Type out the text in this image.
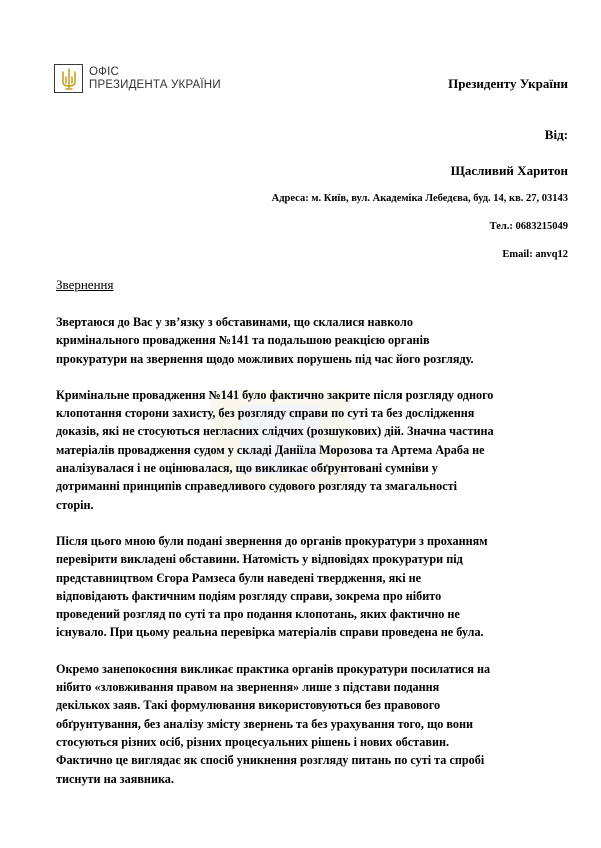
ОФІС
ПРЕЗИДЕНТА УКРАЇНИ	Президенту України
Від:
Щасливий Харитон
Адреса: м. Київ, вул. Академіка Лебедєва, буд. 14, кв. 27, 03143
Тел.: 0683215049
Email: anvq12
Звернення

Звертаюся до Вас у зв’язку з обставинами, що склалися навколо
кримінального провадження №141 та подальшою реакцією органів
прокуратури на звернення щодо можливих порушень під час його розгляду.

Кримінальне провадження №141 було фактично закрите після розгляду одного
клопотання сторони захисту, без розгляду справи по суті та без дослідження
доказів, які не стосуються негласних слідчих (розшукових) дій. Значна частина
матеріалів провадження судом у складі Даніїла Морозова та Артема Араба не
аналізувалася і не оцінювалася, що викликає обґрунтовані сумніви у
дотриманні принципів справедливого судового розгляду та змагальності
сторін.

Після цього мною були подані звернення до органів прокуратури з проханням
перевірити викладені обставини. Натомість у відповідях прокуратури під
представництвом Єгора Рамзеса були наведені твердження, які не
відповідають фактичним подіям розгляду справи, зокрема про нібито
проведений розгляд по суті та про подання клопотань, яких фактично не
існувало. При цьому реальна перевірка матеріалів справи проведена не була.

Окремо занепокоєння викликає практика органів прокуратури посилатися на
нібито «зловживання правом на звернення» лише з підстави подання
декількох заяв. Такі формулювання використовуються без правового
обґрунтування, без аналізу змісту звернень та без урахування того, що вони
стосуються різних осіб, різних процесуальних рішень і нових обставин.
Фактично це виглядає як спосіб уникнення розгляду питань по суті та спробі
тиснути на заявника.
